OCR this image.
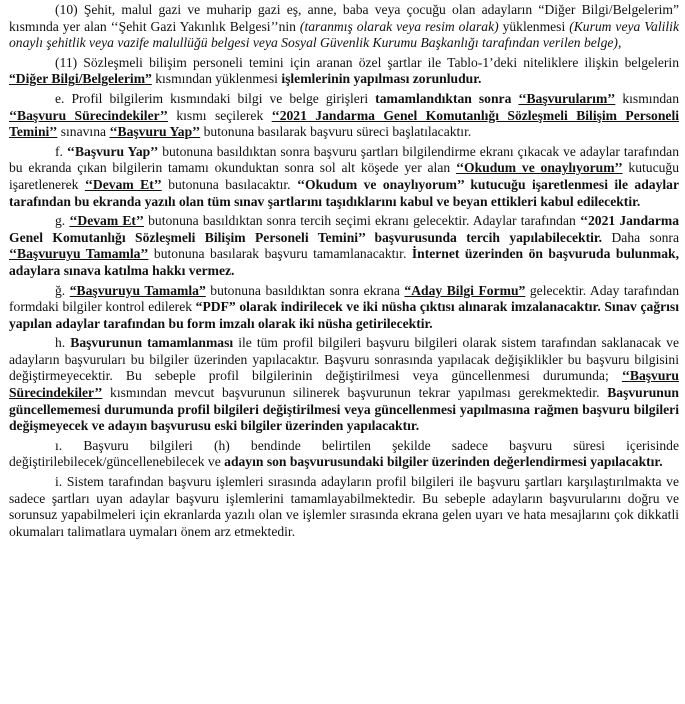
(10) Şehit, malul gazi ve muharip gazi eş, anne, baba veya çocuğu olan adayların “Diğer Bilgi/Belgelerim” kısmında yer alan ‘‘Şehit Gazi Yakınlık Belgesi’’nin (taranmış olarak veya resim olarak) yüklenmesi (Kurum veya Valilik onaylı şehitlik veya vazife malullüğü belgesi veya Sosyal Güvenlik Kurumu Başkanlığı tarafından verilen belge),

(11) Sözleşmeli bilişim personeli temini için aranan özel şartlar ile Tablo-1’deki niteliklere ilişkin belgelerin “Diğer Bilgi/Belgelerim” kısmından yüklenmesi işlemlerinin yapılması zorunludur.

e. Profil bilgilerim kısmındaki bilgi ve belge girişleri tamamlandıktan sonra ‘‘Başvurularım’’ kısmından ‘‘Başvuru Sürecindekiler’’ kısmı seçilerek ‘‘2021 Jandarma Genel Komutanlığı Sözleşmeli Bilişim Personeli Temini’’ sınavına ‘‘Başvuru Yap’’ butonuna basılarak başvuru süreci başlatılacaktır.

f. ‘‘Başvuru Yap’’ butonuna basıldıktan sonra başvuru şartları bilgilendirme ekranı çıkacak ve adaylar tarafından bu ekranda çıkan bilgilerin tamamı okunduktan sonra sol alt köşede yer alan ‘‘Okudum ve onaylıyorum’’ kutucuğu işaretlenerek ‘‘Devam Et’’ butonuna basılacaktır. ‘‘Okudum ve onaylıyorum’’ kutucuğu işaretlenmesi ile adaylar tarafından bu ekranda yazılı olan tüm sınav şartlarını taşıdıklarını kabul ve beyan ettikleri kabul edilecektir.

g. ‘‘Devam Et’’ butonuna basıldıktan sonra tercih seçimi ekranı gelecektir. Adaylar tarafından ‘‘2021 Jandarma Genel Komutanlığı Sözleşmeli Bilişim Personeli Temini’’ başvurusunda tercih yapılabilecektir. Daha sonra ‘‘Başvuruyu Tamamla’’ butonuna basılarak başvuru tamamlanacaktır. İnternet üzerinden ön başvuruda bulunmak, adaylara sınava katılma hakkı vermez.

ğ. “Başvuruyu Tamamla” butonuna basıldıktan sonra ekrana “Aday Bilgi Formu” gelecektir. Aday tarafından formdaki bilgiler kontrol edilerek “PDF” olarak indirilecek ve iki nüsha çıktısı alınarak imzalanacaktır. Sınav çağrısı yapılan adaylar tarafından bu form imzalı olarak iki nüsha getirilecektir.

h. Başvurunun tamamlanması ile tüm profil bilgileri başvuru bilgileri olarak sistem tarafından saklanacak ve adayların başvuruları bu bilgiler üzerinden yapılacaktır. Başvuru sonrasında yapılacak değişiklikler bu başvuru bilgisini değiştirmeyecektir. Bu sebeple profil bilgilerinin değiştirilmesi veya güncellenmesi durumunda; ‘‘Başvuru Sürecindekiler’’ kısmından mevcut başvurunun silinerek başvurunun tekrar yapılması gerekmektedir. Başvurunun güncellememesi durumunda profil bilgileri değiştirilmesi veya güncellenmesi yapılmasına rağmen başvuru bilgileri değişmeyecek ve adayın başvurusu eski bilgiler üzerinden yapılacaktır.

ı. Başvuru bilgileri (h) bendinde belirtilen şekilde sadece başvuru süresi içerisinde değiştirilebilecek/güncellenebilecek ve adayın son başvurusundaki bilgiler üzerinden değerlendirmesi yapılacaktır.

i. Sistem tarafından başvuru işlemleri sırasında adayların profil bilgileri ile başvuru şartları karşılaştırılmakta ve sadece şartları uyan adaylar başvuru işlemlerini tamamlayabilmektedir. Bu sebeple adayların başvurularını doğru ve sorunsuz yapabilmeleri için ekranlarda yazılı olan ve işlemler sırasında ekrana gelen uyarı ve hata mesajlarını çok dikkatli okumaları talimatlara uymaları önem arz etmektedir.
